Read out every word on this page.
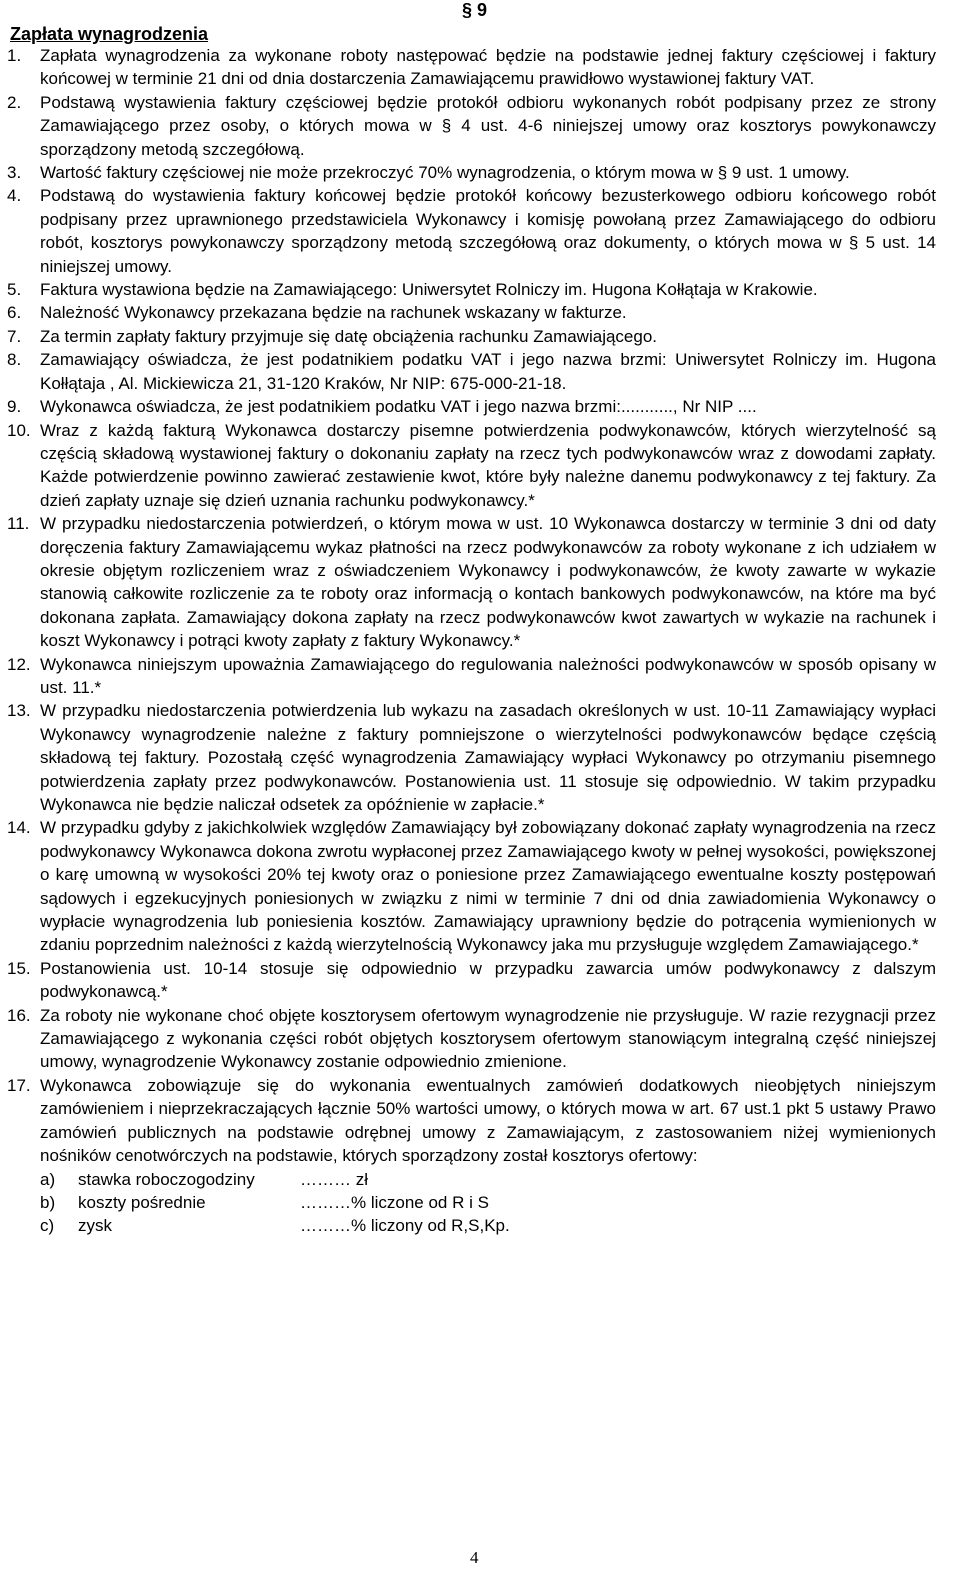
§ 9
Zapłata wynagrodzenia
1.	Zapłata wynagrodzenia za wykonane roboty następować będzie na podstawie jednej faktury częściowej i faktury końcowej w terminie 21 dni od dnia dostarczenia Zamawiającemu prawidłowo wystawionej faktury VAT.
2.	Podstawą wystawienia faktury częściowej będzie protokół odbioru wykonanych robót podpisany przez ze strony Zamawiającego przez osoby, o których mowa w § 4 ust. 4-6 niniejszej umowy oraz kosztorys powykonawczy sporządzony metodą szczegółową.
3.	Wartość faktury częściowej nie może przekroczyć 70% wynagrodzenia, o którym mowa w § 9 ust. 1 umowy.
4.	Podstawą do wystawienia faktury końcowej będzie protokół końcowy bezusterkowego odbioru końcowego robót podpisany przez uprawnionego przedstawiciela Wykonawcy i komisję powołaną przez Zamawiającego do odbioru robót, kosztorys powykonawczy sporządzony metodą szczegółową oraz dokumenty, o których mowa w § 5 ust. 14 niniejszej umowy.
5.	Faktura wystawiona będzie na Zamawiającego: Uniwersytet Rolniczy im. Hugona Kołłątaja w Krakowie.
6.	Należność Wykonawcy przekazana będzie na rachunek wskazany w fakturze.
7.	Za termin zapłaty faktury przyjmuje się datę obciążenia rachunku Zamawiającego.
8.	Zamawiający oświadcza, że jest podatnikiem podatku VAT i jego nazwa brzmi: Uniwersytet Rolniczy im. Hugona Kołłątaja , Al. Mickiewicza 21, 31-120 Kraków, Nr NIP: 675-000-21-18.
9.	Wykonawca oświadcza, że jest podatnikiem podatku VAT i jego nazwa brzmi:..........., Nr NIP ....
10. Wraz z każdą fakturą Wykonawca dostarczy pisemne potwierdzenia podwykonawców, których wierzytelność są częścią składową wystawionej faktury o dokonaniu zapłaty na rzecz tych podwykonawców wraz z dowodami zapłaty. Każde potwierdzenie powinno zawierać zestawienie kwot, które były należne danemu podwykonawcy z tej faktury. Za dzień zapłaty uznaje się dzień uznania rachunku podwykonawcy.*
11. W przypadku niedostarczenia potwierdzeń, o którym mowa w ust. 10 Wykonawca dostarczy w terminie 3 dni od daty doręczenia faktury Zamawiającemu wykaz płatności na rzecz podwykonawców za roboty wykonane z ich udziałem w okresie objętym rozliczeniem wraz z oświadczeniem Wykonawcy i podwykonawców, że kwoty zawarte w wykazie stanowią całkowite rozliczenie za te roboty oraz informacją o kontach bankowych podwykonawców, na które ma być dokonana zapłata. Zamawiający dokona zapłaty na rzecz podwykonawców kwot zawartych w wykazie na rachunek i koszt Wykonawcy i potrąci kwoty zapłaty z faktury Wykonawcy.*
12. Wykonawca niniejszym upoważnia Zamawiającego do regulowania należności podwykonawców w sposób opisany w ust. 11.*
13. W przypadku niedostarczenia potwierdzenia lub wykazu na zasadach określonych w ust. 10-11 Zamawiający wypłaci Wykonawcy wynagrodzenie należne z faktury pomniejszone o wierzytelności podwykonawców będące częścią składową tej faktury. Pozostałą część wynagrodzenia Zamawiający wypłaci Wykonawcy po otrzymaniu pisemnego potwierdzenia zapłaty przez podwykonawców. Postanowienia ust. 11 stosuje się odpowiednio. W takim przypadku Wykonawca nie będzie naliczał odsetek za opóźnienie w zapłacie.*
14. W przypadku gdyby z jakichkolwiek względów Zamawiający był zobowiązany dokonać zapłaty wynagrodzenia na rzecz podwykonawcy Wykonawca dokona zwrotu wypłaconej przez Zamawiającego kwoty w pełnej wysokości, powiększonej o karę umowną w wysokości 20% tej kwoty oraz o poniesione przez Zamawiającego ewentualne koszty postępowań sądowych i egzekucyjnych poniesionych w związku z nimi w terminie 7 dni od dnia zawiadomienia Wykonawcy o wypłacie wynagrodzenia lub poniesienia kosztów. Zamawiający uprawniony będzie do potrącenia wymienionych w zdaniu poprzednim należności z każdą wierzytelnością Wykonawcy jaka mu przysługuje względem Zamawiającego.*
15. Postanowienia ust. 10-14 stosuje się odpowiednio w przypadku zawarcia umów podwykonawcy z dalszym podwykonawcą.*
16. Za roboty nie wykonane choć objęte kosztorysem ofertowym wynagrodzenie nie przysługuje. W razie rezygnacji przez Zamawiającego z wykonania części robót objętych kosztorysem ofertowym stanowiącym integralną część niniejszej umowy, wynagrodzenie Wykonawcy zostanie odpowiednio zmienione.
17. Wykonawca zobowiązuje się do wykonania ewentualnych zamówień dodatkowych nieobjętych niniejszym zamówieniem i nieprzekraczających łącznie 50% wartości umowy, o których mowa w art. 67 ust.1 pkt 5 ustawy Prawo zamówień publicznych na podstawie odrębnej umowy z Zamawiającym, z zastosowaniem niżej wymienionych nośników cenotwórczych na podstawie, których sporządzony został kosztorys ofertowy:
a)	stawka roboczogodziny	……… zł
b)	koszty pośrednie	………% liczone od R i S
c)	zysk	………% liczony od R,S,Kp.
4
